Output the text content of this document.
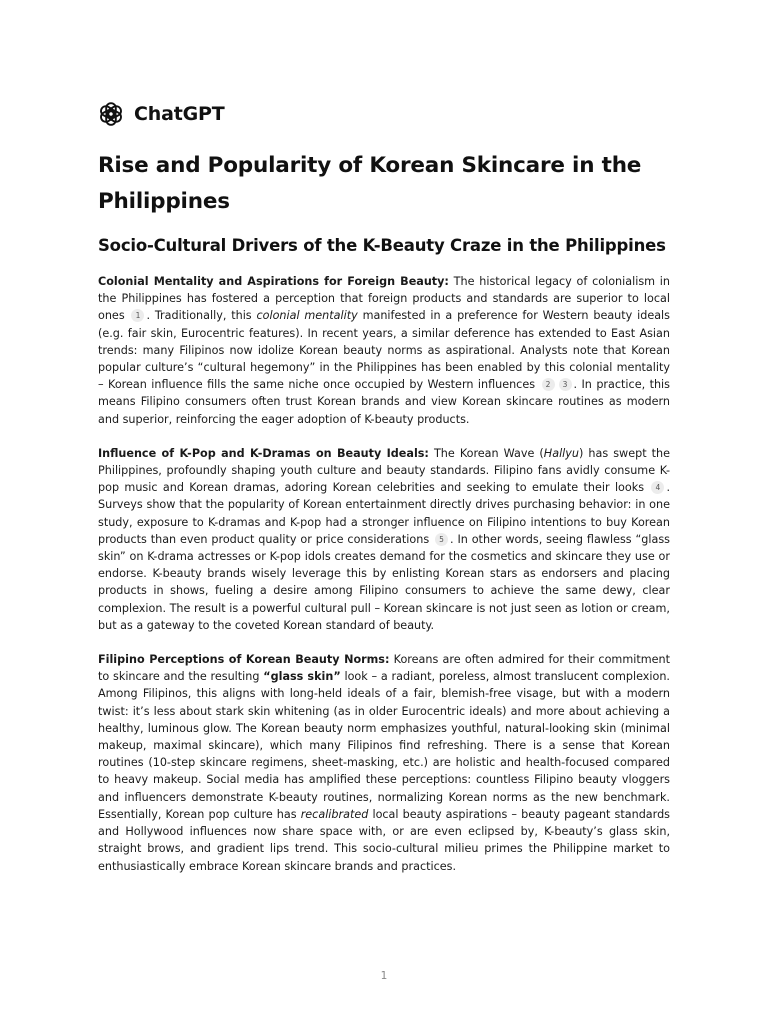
ChatGPT
Rise and Popularity of Korean Skincare in the Philippines
Socio-Cultural Drivers of the K-Beauty Craze in the Philippines

Colonial Mentality and Aspirations for Foreign Beauty: The historical legacy of colonialism in the Philippines has fostered a perception that foreign products and standards are superior to local ones 1 . Traditionally, this colonial mentality manifested in a preference for Western beauty ideals (e.g. fair skin, Eurocentric features). In recent years, a similar deference has extended to East Asian trends: many Filipinos now idolize Korean beauty norms as aspirational. Analysts note that Korean popular culture’s “cultural hegemony” in the Philippines has been enabled by this colonial mentality – Korean influence fills the same niche once occupied by Western influences 2 3 . In practice, this means Filipino consumers often trust Korean brands and view Korean skincare routines as modern and superior, reinforcing the eager adoption of K-beauty products.

Influence of K-Pop and K-Dramas on Beauty Ideals: The Korean Wave (Hallyu) has swept the Philippines, profoundly shaping youth culture and beauty standards. Filipino fans avidly consume K-pop music and Korean dramas, adoring Korean celebrities and seeking to emulate their looks 4 . Surveys show that the popularity of Korean entertainment directly drives purchasing behavior: in one study, exposure to K-dramas and K-pop had a stronger influence on Filipino intentions to buy Korean products than even product quality or price considerations 5 . In other words, seeing flawless “glass skin” on K-drama actresses or K-pop idols creates demand for the cosmetics and skincare they use or endorse. K-beauty brands wisely leverage this by enlisting Korean stars as endorsers and placing products in shows, fueling a desire among Filipino consumers to achieve the same dewy, clear complexion. The result is a powerful cultural pull – Korean skincare is not just seen as lotion or cream, but as a gateway to the coveted Korean standard of beauty.

Filipino Perceptions of Korean Beauty Norms: Koreans are often admired for their commitment to skincare and the resulting “glass skin” look – a radiant, poreless, almost translucent complexion. Among Filipinos, this aligns with long-held ideals of a fair, blemish-free visage, but with a modern twist: it’s less about stark skin whitening (as in older Eurocentric ideals) and more about achieving a healthy, luminous glow. The Korean beauty norm emphasizes youthful, natural-looking skin (minimal makeup, maximal skincare), which many Filipinos find refreshing. There is a sense that Korean routines (10-step skincare regimens, sheet-masking, etc.) are holistic and health-focused compared to heavy makeup. Social media has amplified these perceptions: countless Filipino beauty vloggers and influencers demonstrate K-beauty routines, normalizing Korean norms as the new benchmark. Essentially, Korean pop culture has recalibrated local beauty aspirations – beauty pageant standards and Hollywood influences now share space with, or are even eclipsed by, K-beauty’s glass skin, straight brows, and gradient lips trend. This socio-cultural milieu primes the Philippine market to enthusiastically embrace Korean skincare brands and practices.

1
